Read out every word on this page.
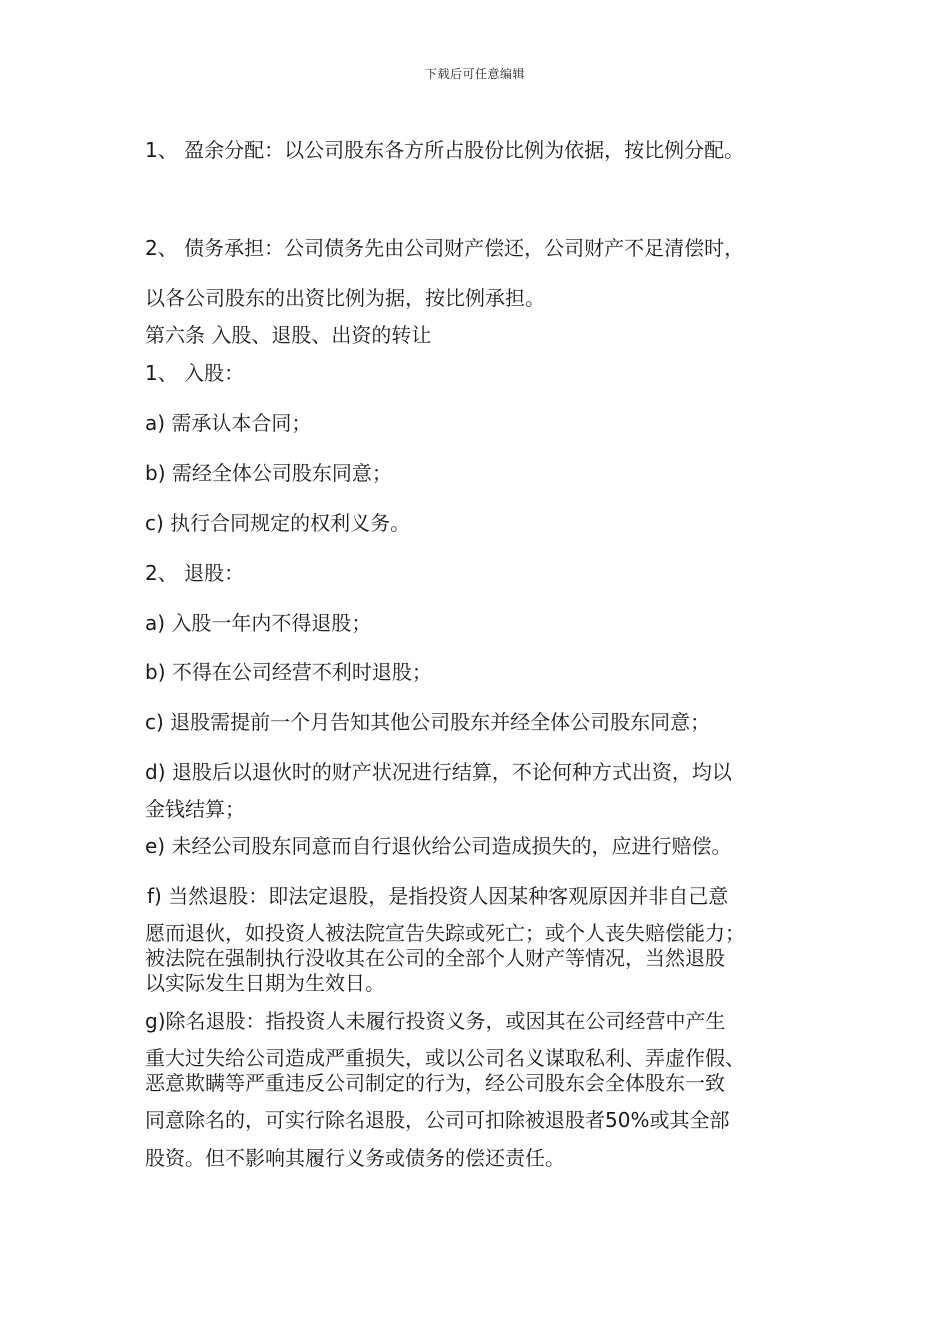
下载后可任意编辑
1、 盈余分配：以公司股东各方所占股份比例为依据，按比例分配。
2、 债务承担：公司债务先由公司财产偿还，公司财产不足清偿时，
以各公司股东的出资比例为据，按比例承担。
第六条 入股、退股、出资的转让
1、 入股：
a) 需承认本合同；
b) 需经全体公司股东同意；
c) 执行合同规定的权利义务。
2、 退股：
a) 入股一年内不得退股；
b) 不得在公司经营不利时退股；
c) 退股需提前一个月告知其他公司股东并经全体公司股东同意；
d) 退股后以退伙时的财产状况进行结算，不论何种方式出资，均以
金钱结算；
e) 未经公司股东同意而自行退伙给公司造成损失的，应进行赔偿。
f) 当然退股：即法定退股，是指投资人因某种客观原因并非自己意
愿而退伙，如投资人被法院宣告失踪或死亡；或个人丧失赔偿能力；
被法院在强制执行没收其在公司的全部个人财产等情况，当然退股
以实际发生日期为生效日。
g)除名退股：指投资人未履行投资义务，或因其在公司经营中产生
重大过失给公司造成严重损失，或以公司名义谋取私利、弄虚作假、
恶意欺瞒等严重违反公司制定的行为，经公司股东会全体股东一致
同意除名的，可实行除名退股，公司可扣除被退股者50%或其全部
股资。但不影响其履行义务或债务的偿还责任。
